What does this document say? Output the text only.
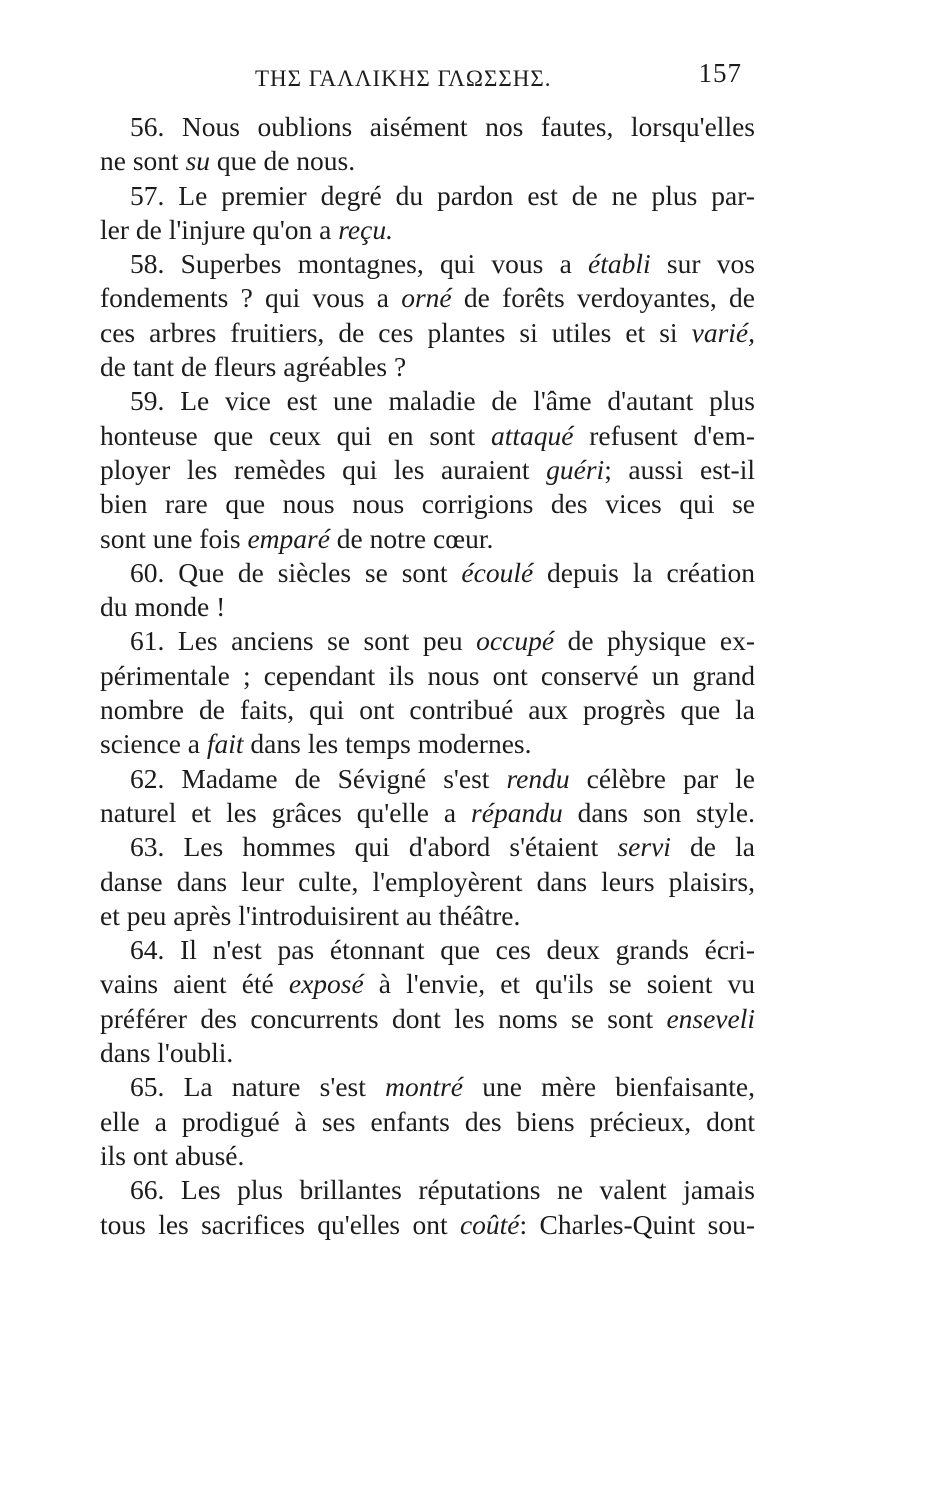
ΤΗΣ ΓΑΛΛΙΚΗΣ ΓΛΩΣΣΗΣ.	157
56. Nous oublions aisément nos fautes, lorsqu'elles
ne sont su que de nous.
57. Le premier degré du pardon est de ne plus par-
ler de l'injure qu'on a reçu.
58. Superbes montagnes, qui vous a établi sur vos
fondements ? qui vous a orné de forêts verdoyantes, de
ces arbres fruitiers, de ces plantes si utiles et si varié,
de tant de fleurs agréables ?
59. Le vice est une maladie de l'âme d'autant plus
honteuse que ceux qui en sont attaqué refusent d'em-
ployer les remèdes qui les auraient guéri; aussi est-il
bien rare que nous nous corrigions des vices qui se
sont une fois emparé de notre cœur.
60. Que de siècles se sont écoulé depuis la création
du monde !
61. Les anciens se sont peu occupé de physique ex-
périmentale ; cependant ils nous ont conservé un grand
nombre de faits, qui ont contribué aux progrès que la
science a fait dans les temps modernes.
62. Madame de Sévigné s'est rendu célèbre par le
naturel et les grâces qu'elle a répandu dans son style.
63. Les hommes qui d'abord s'étaient servi de la
danse dans leur culte, l'employèrent dans leurs plaisirs,
et peu après l'introduisirent au théâtre.
64. Il n'est pas étonnant que ces deux grands écri-
vains aient été exposé à l'envie, et qu'ils se soient vu
préférer des concurrents dont les noms se sont enseveli
dans l'oubli.
65. La nature s'est montré une mère bienfaisante,
elle a prodigué à ses enfants des biens précieux, dont
ils ont abusé.
66. Les plus brillantes réputations ne valent jamais
tous les sacrifices qu'elles ont coûté: Charles-Quint sou-
